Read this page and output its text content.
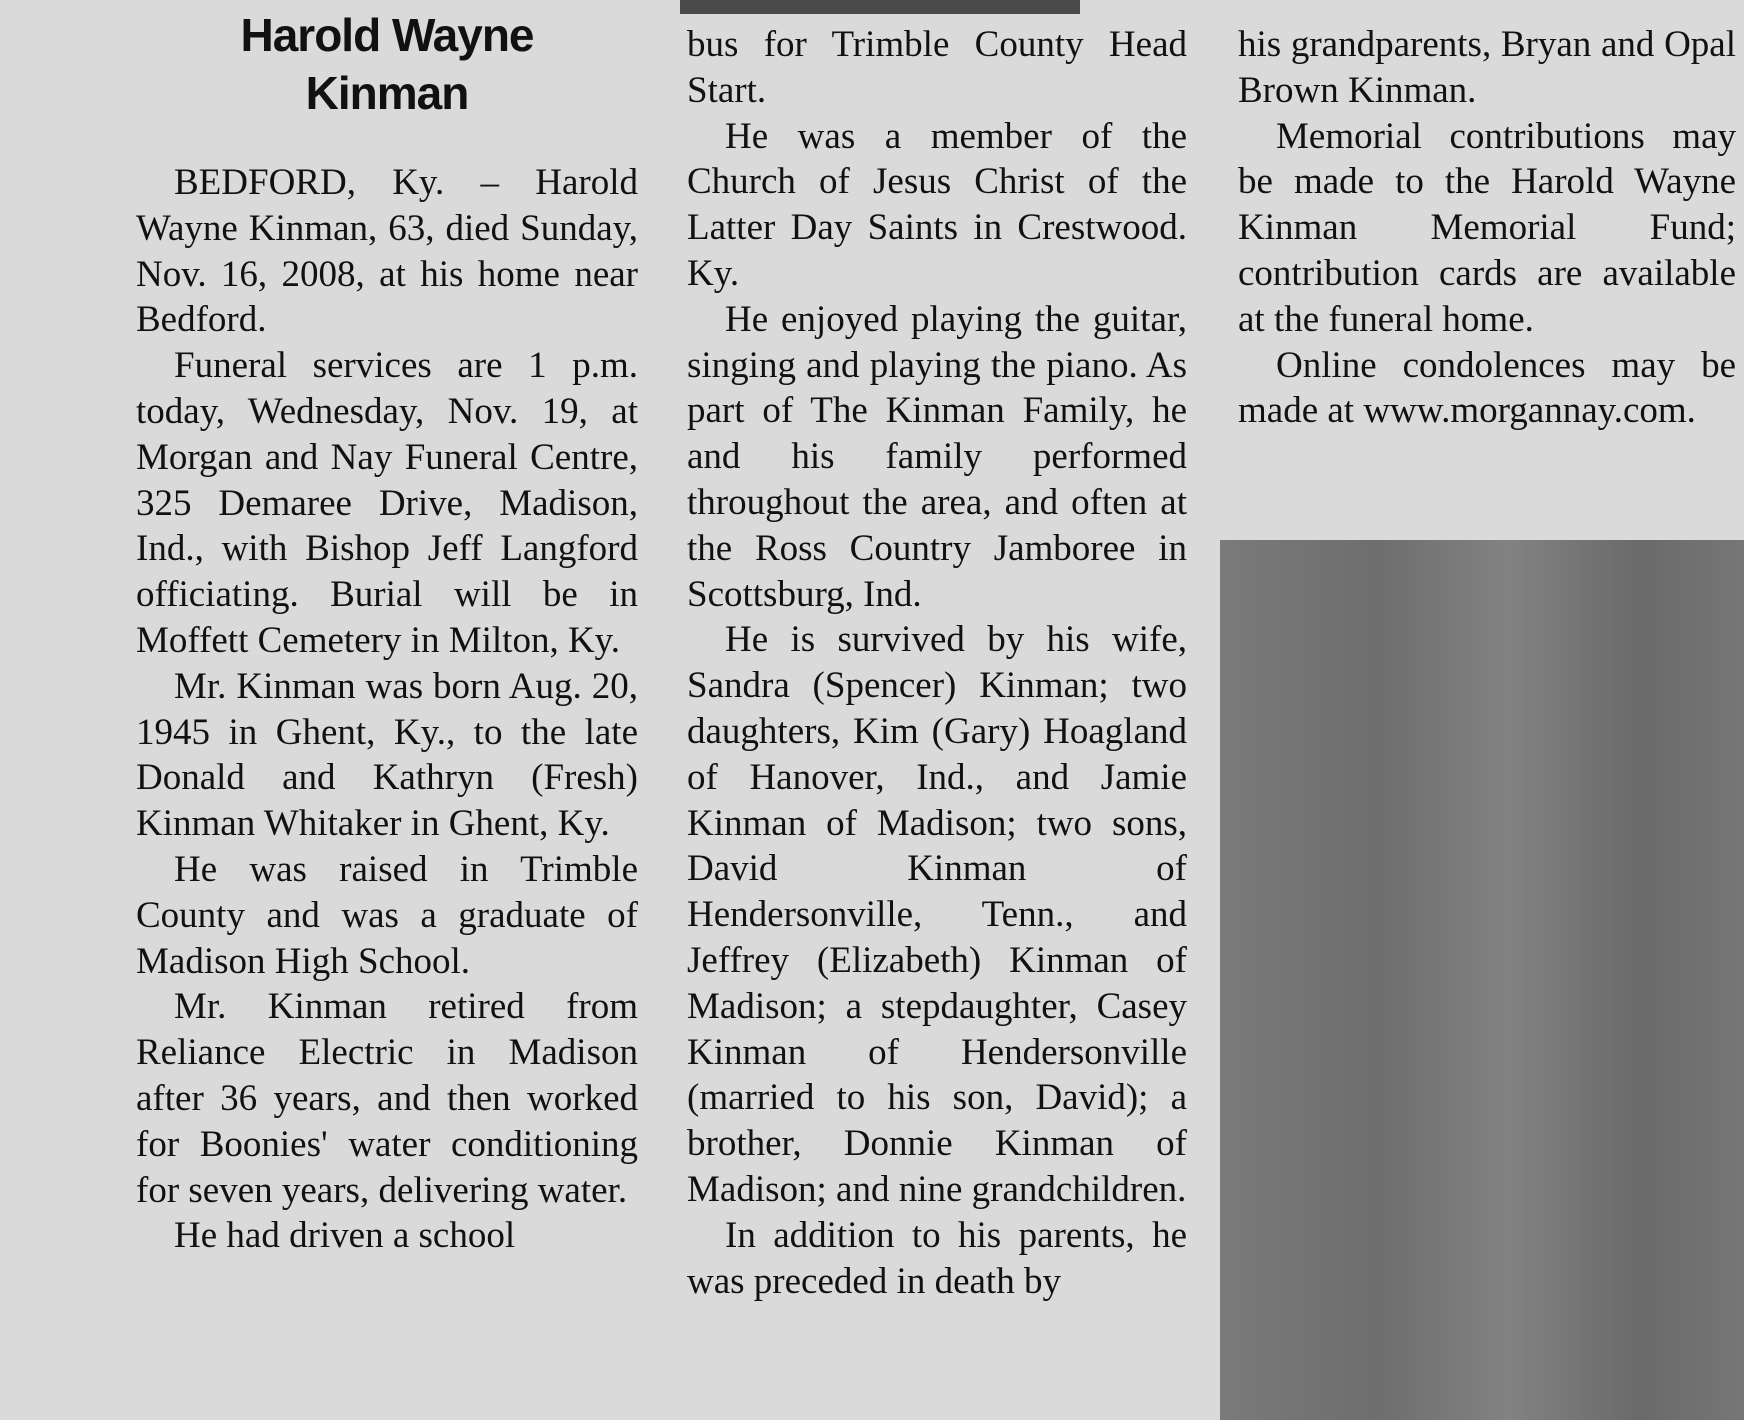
Harold Wayne
Kinman

BEDFORD, Ky. – Harold Wayne Kinman, 63, died Sunday, Nov. 16, 2008, at his home near Bedford.

Funeral services are 1 p.m. today, Wednesday, Nov. 19, at Morgan and Nay Funeral Centre, 325 Demaree Drive, Madison, Ind., with Bishop Jeff Langford officiating. Burial will be in Moffett Cemetery in Milton, Ky.

Mr. Kinman was born Aug. 20, 1945 in Ghent, Ky., to the late Donald and Kathryn (Fresh) Kinman Whitaker in Ghent, Ky.

He was raised in Trimble County and was a graduate of Madison High School.

Mr. Kinman retired from Reliance Electric in Madison after 36 years, and then worked for Boonies' water conditioning for seven years, delivering water.

He had driven a school

bus for Trimble County Head Start.

He was a member of the Church of Jesus Christ of the Latter Day Saints in Crestwood. Ky.

He enjoyed playing the guitar, singing and playing the piano. As part of The Kinman Family, he and his family performed throughout the area, and often at the Ross Country Jamboree in Scottsburg, Ind.

He is survived by his wife, Sandra (Spencer) Kinman; two daughters, Kim (Gary) Hoagland of Hanover, Ind., and Jamie Kinman of Madison; two sons, David Kinman of Hendersonville, Tenn., and Jeffrey (Elizabeth) Kinman of Madison; a stepdaughter, Casey Kinman of Hendersonville (married to his son, David); a brother, Donnie Kinman of Madison; and nine grandchildren.

In addition to his parents, he was preceded in death by

his grandparents, Bryan and Opal Brown Kinman.

Memorial contributions may be made to the Harold Wayne Kinman Memorial Fund; contribution cards are available at the funeral home.

Online condolences may be made at www.morgannay.com.
